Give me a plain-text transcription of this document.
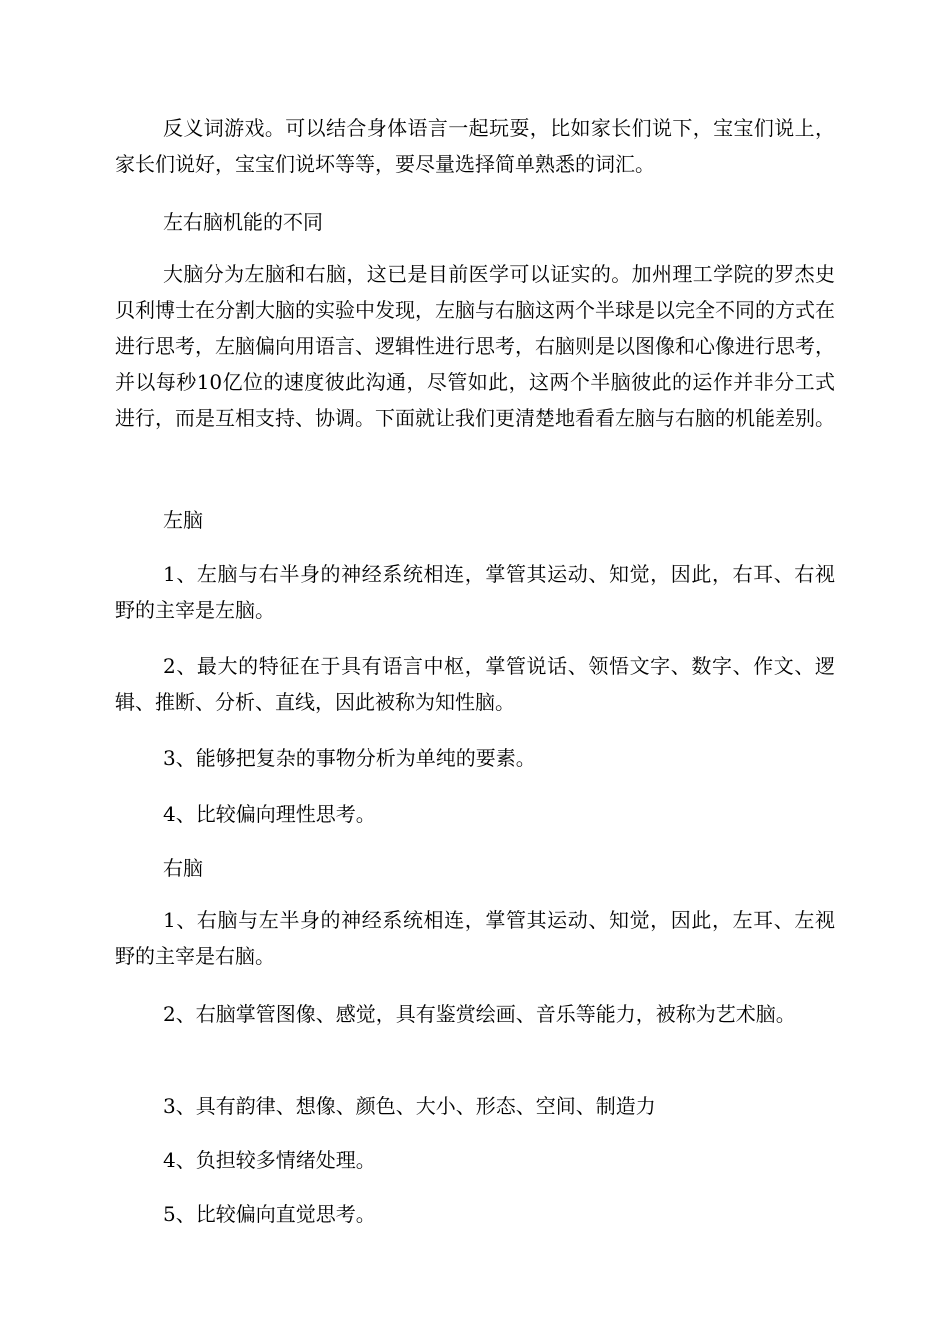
反义词游戏。可以结合身体语言一起玩耍，比如家长们说下，宝宝们说上，家长们说好，宝宝们说坏等等，要尽量选择简单熟悉的词汇。

左右脑机能的不同

大脑分为左脑和右脑，这已是目前医学可以证实的。加州理工学院的罗杰史贝利博士在分割大脑的实验中发现，左脑与右脑这两个半球是以完全不同的方式在进行思考，左脑偏向用语言、逻辑性进行思考，右脑则是以图像和心像进行思考，并以每秒10亿位的速度彼此沟通，尽管如此，这两个半脑彼此的运作并非分工式进行，而是互相支持、协调。下面就让我们更清楚地看看左脑与右脑的机能差别。

左脑

1、左脑与右半身的神经系统相连，掌管其运动、知觉，因此，右耳、右视野的主宰是左脑。

2、最大的特征在于具有语言中枢，掌管说话、领悟文字、数字、作文、逻辑、推断、分析、直线，因此被称为知性脑。

3、能够把复杂的事物分析为单纯的要素。

4、比较偏向理性思考。

右脑

1、右脑与左半身的神经系统相连，掌管其运动、知觉，因此，左耳、左视野的主宰是右脑。

2、右脑掌管图像、感觉，具有鉴赏绘画、音乐等能力，被称为艺术脑。

3、具有韵律、想像、颜色、大小、形态、空间、制造力

4、负担较多情绪处理。

5、比较偏向直觉思考。
